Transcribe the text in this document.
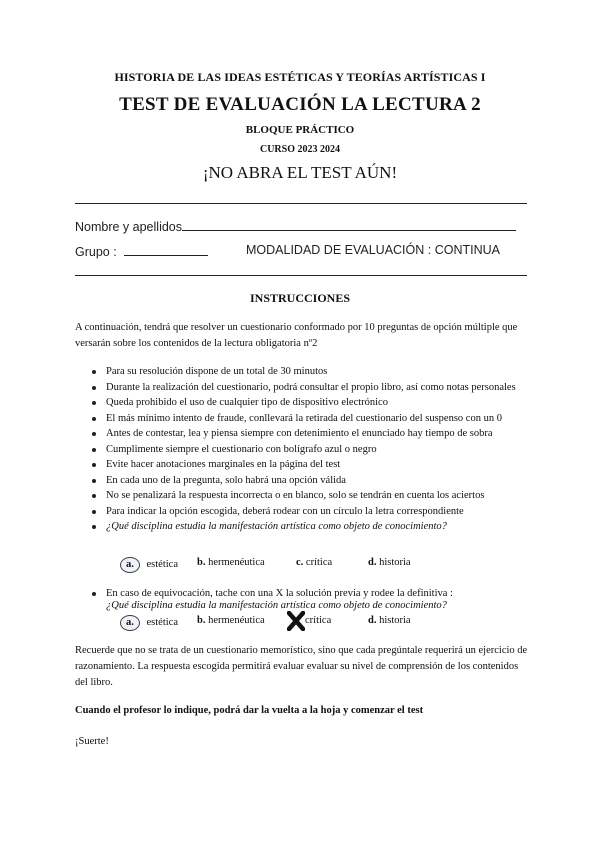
HISTORIA DE LAS IDEAS ESTÉTICAS Y TEORÍAS ARTÍSTICAS I
TEST DE EVALUACIÓN LA LECTURA 2
BLOQUE PRÁCTICO
CURSO 2023 2024
¡NO ABRA EL TEST AÚN!
Nombre y apellidos
Grupo :	MODALIDAD DE EVALUACIÓN : CONTINUA
INSTRUCCIONES
A continuación, tendrá que resolver un cuestionario conformado por 10 preguntas de opción múltiple que versarán sobre los contenidos de la lectura obligatoria nº2
Para su resolución dispone de un total de 30 minutos
Durante la realización del cuestionario, podrá consultar el propio libro, así como notas personales
Queda prohibido el uso de cualquier tipo de dispositivo electrónico
El más mínimo intento de fraude, conllevará la retirada del cuestionario del suspenso con un 0
Antes de contestar, lea y piensa siempre con detenimiento el enunciado hay tiempo de sobra
Cumplimente siempre el cuestionario con bolígrafo azul o negro
Evite hacer anotaciones marginales en la página del test
En cada uno de la pregunta, solo habrá una opción válida
No se penalizará la respuesta incorrecta o en blanco, solo se tendrán en cuenta los aciertos
Para indicar la opción escogida, deberá rodear con un círculo la letra correspondiente
¿Qué disciplina estudia la manifestación artística como objeto de conocimiento?
a. estética b. hermenéutica	c. crítica	d. historia
En caso de equivocación, tache con una X la solución previa y rodee la definitiva :
¿Qué disciplina estudia la manifestación artística como objeto de conocimiento?
a. estética b. hermenéutica	crítica	d. historia
Recuerde que no se trata de un cuestionario memorístico, sino que cada pregúntale requerirá un ejercicio de razonamiento. La respuesta escogida permitirá evaluar evaluar su nivel de comprensión de los contenidos del libro.
Cuando el profesor lo indique, podrá dar la vuelta a la hoja y comenzar el test
¡Suerte!
